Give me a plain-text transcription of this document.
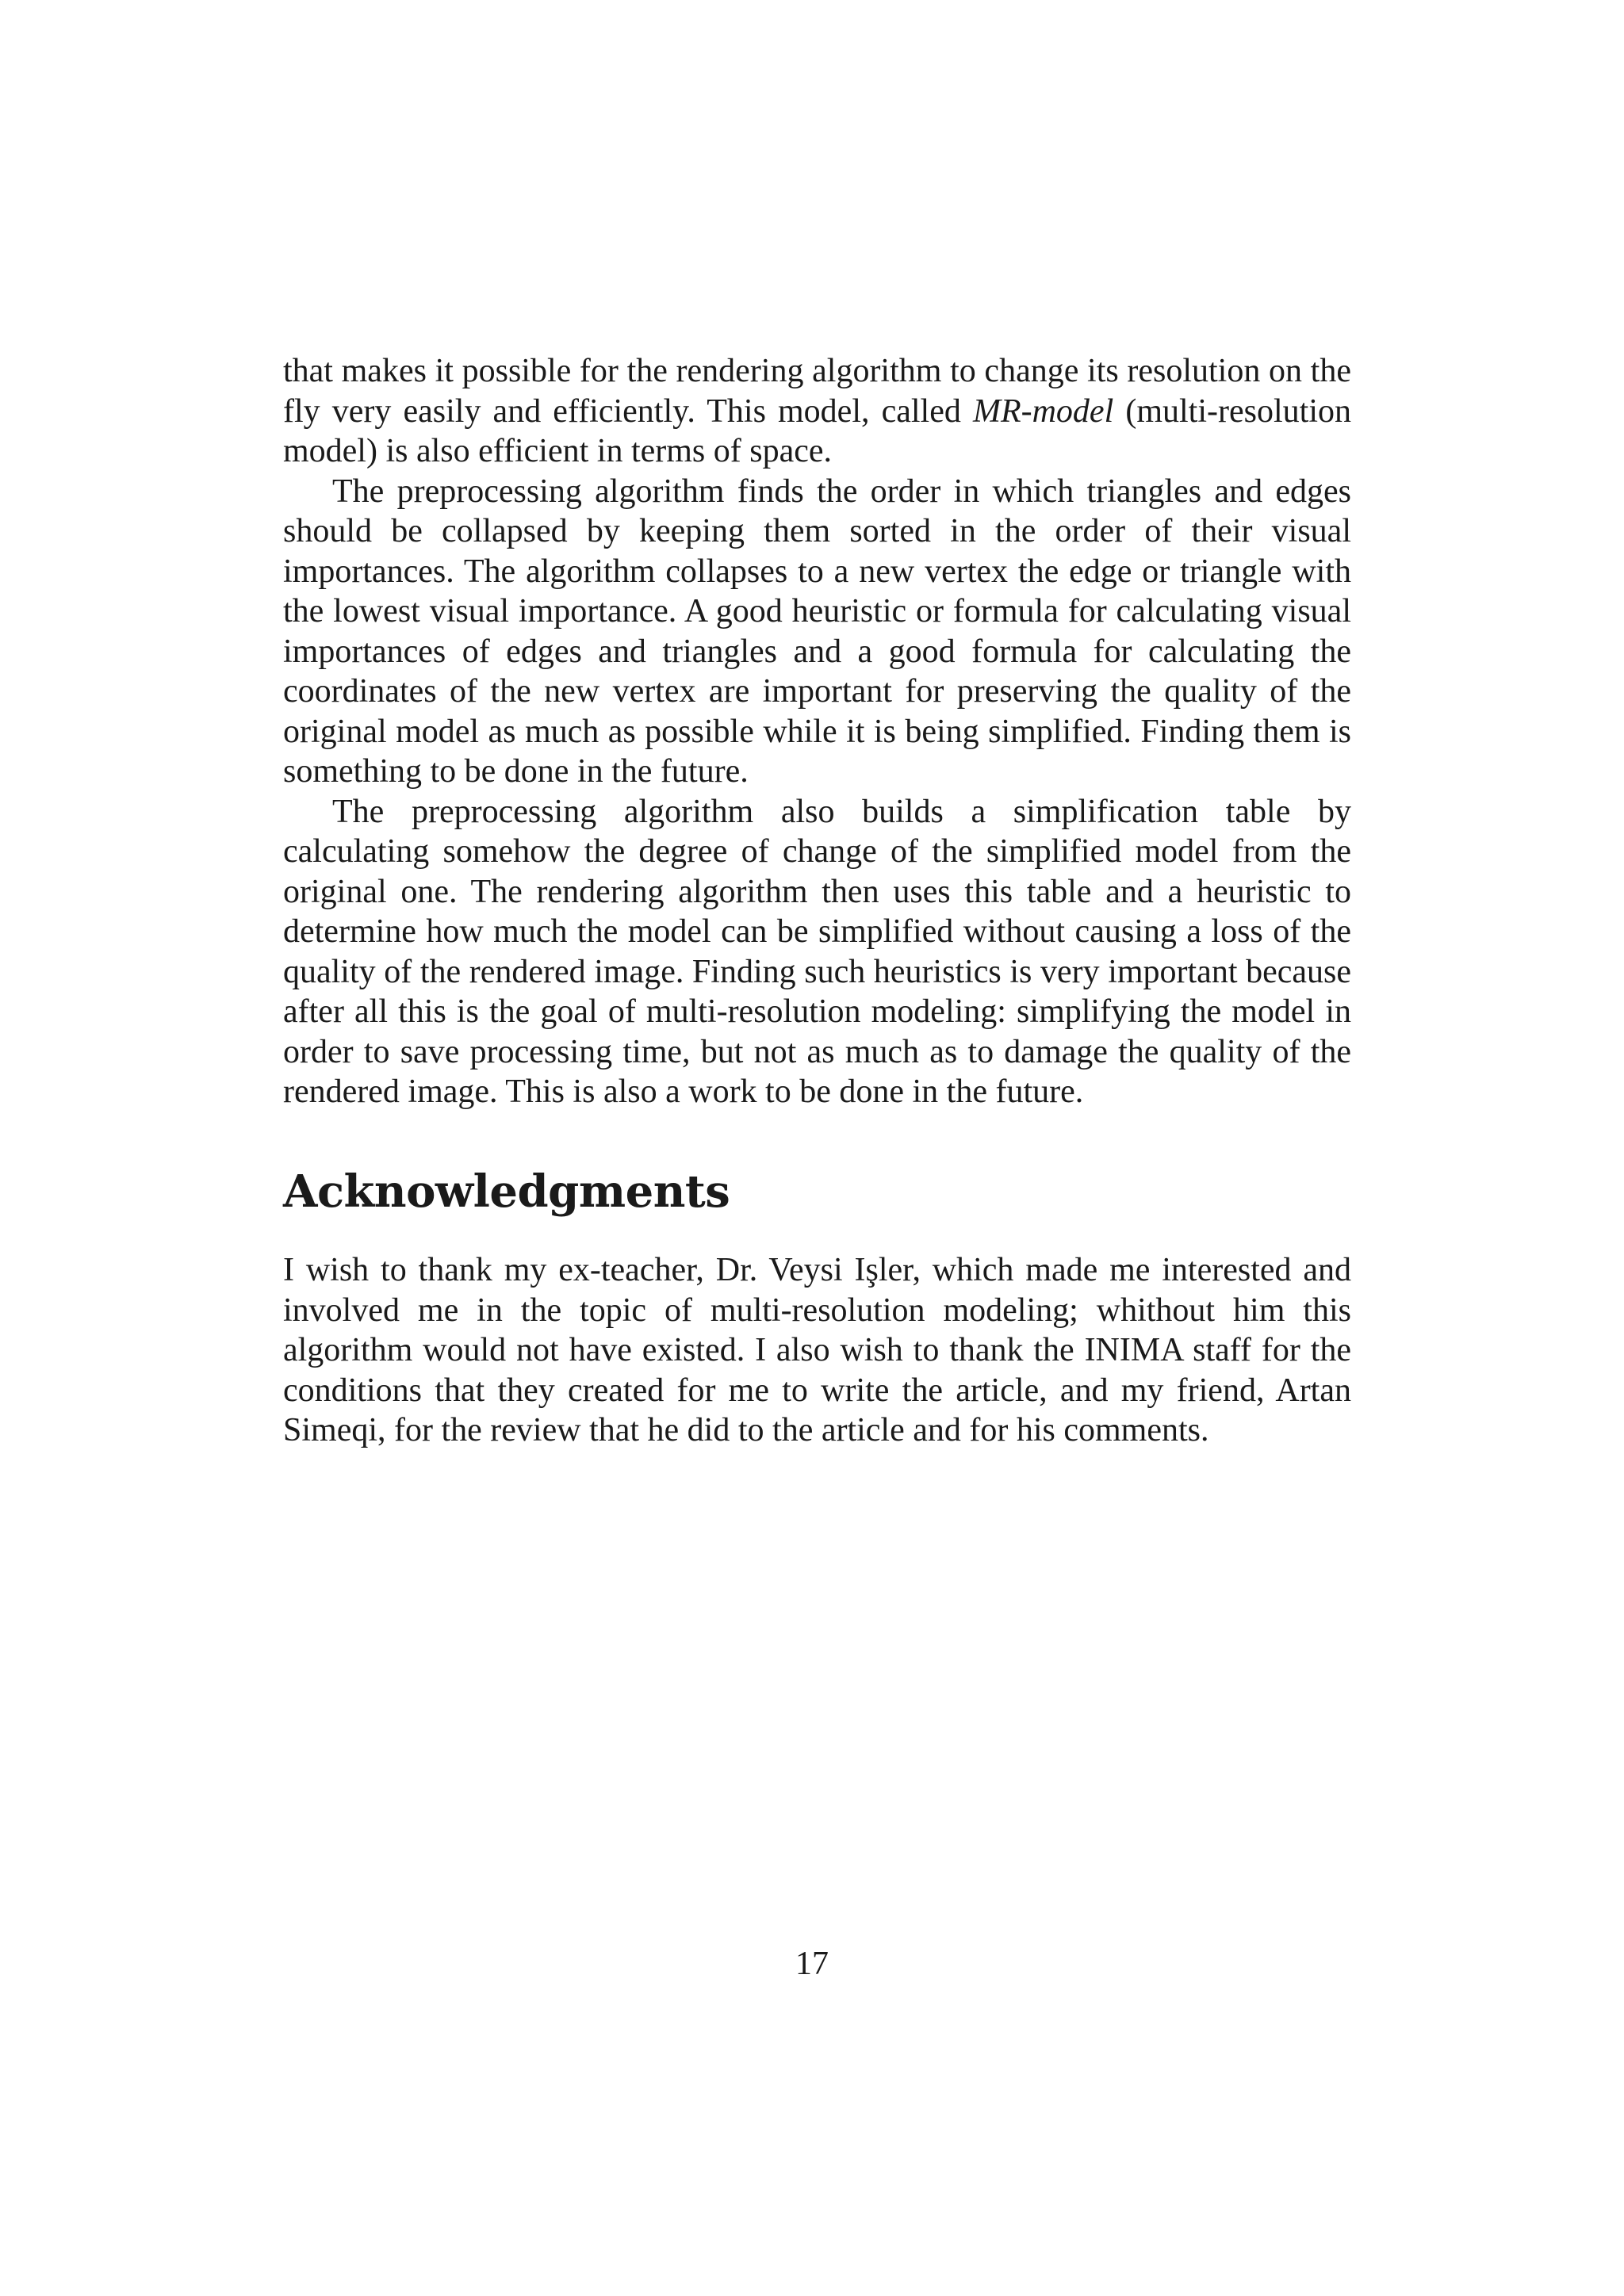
that makes it possible for the rendering algorithm to change its resolution on the fly very easily and efficiently. This model, called MR-model (multi-resolution model) is also efficient in terms of space.

The preprocessing algorithm finds the order in which triangles and edges should be collapsed by keeping them sorted in the order of their visual importances. The algorithm collapses to a new vertex the edge or triangle with the lowest visual importance. A good heuristic or formula for calculating visual importances of edges and triangles and a good formula for calculating the coordinates of the new vertex are important for preserving the quality of the original model as much as possible while it is being simplified. Finding them is something to be done in the future.

The preprocessing algorithm also builds a simplification table by calculating somehow the degree of change of the simplified model from the original one. The rendering algorithm then uses this table and a heuristic to determine how much the model can be simplified without causing a loss of the quality of the rendered image. Finding such heuristics is very important because after all this is the goal of multi-resolution modeling: simplifying the model in order to save processing time, but not as much as to damage the quality of the rendered image. This is also a work to be done in the future.

Acknowledgments

I wish to thank my ex-teacher, Dr. Veysi Işler, which made me interested and involved me in the topic of multi-resolution modeling; whithout him this algorithm would not have existed. I also wish to thank the INIMA staff for the conditions that they created for me to write the article, and my friend, Artan Simeqi, for the review that he did to the article and for his comments.

17
